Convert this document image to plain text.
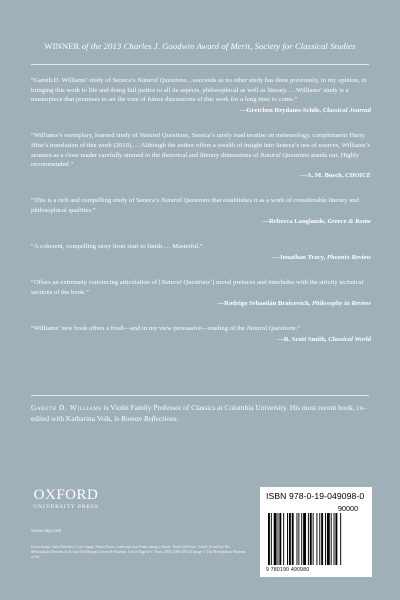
WINNER of the 2013 Charles J. Goodwin Award of Merit, Society for Classical Studies
“Gareth D. Williams’ study of Seneca’s Natural Questions…succeeds as no other study has done previously, in my opinion, in bringing this work to life and doing full justice to all its aspects, philosophical as well as literary.… Williams’ study is a masterpiece that promises to set the tone of future discussions of this work for a long time to come.”
—Gretchen Reydams-Schils, Classical Journal
“Williams’s exemplary, learned study of Natural Questions, Seneca’s rarely read treatise on meteorology, complements Harry Hine’s translation of this work (2010).… Although the author offers a wealth of insight into Seneca’s use of sources, Williams’s acumen as a close reader carefully attuned to the rhetorical and literary dimensions of Natural Questions stands out. Highly recommended.”
—A. M. Busch, CHOICE
“This is a rich and compelling study of Seneca’s Natural Questions that establishes it as a work of considerable literary and philosophical qualities.”
—Rebecca Langlands, Greece & Rome
“A coherent, compelling story from start to finish.… Masterful.”
—Jonathan Tracy, Phoenix Review
“Offers an extremely convincing articulation of [Natural Questions’] moral prefaces and interludes with the strictly technical sections of the book.”
—Rodrigo Sebastián Braicovich, Philosophy in Review
“Williams’ new book offers a fresh—and in my view persuasive—reading of the Natural Questions.”
—R. Scott Smith, Classical World
Gareth D. Williams is Violin Family Professor of Classics at Columbia University. His most recent book, co-edited with Katharina Volk, is Roman Reflections.
OXFORD
UNIVERSITY PRESS
www.oup.com
Cover design: Sally Rinehart | Cover image: Simon Denis, Landscape near Rome during a Storm. Thaw Collection, Jointly Owned by The Metropolitan Museum of Art and The Morgan Library & Museum, Gift of Eugene V. Thaw, 2009 (2009.400.32) Image © The Metropolitan Museum of Art.
ISBN 978-0-19-049098-0
90000
9 780190 490980
